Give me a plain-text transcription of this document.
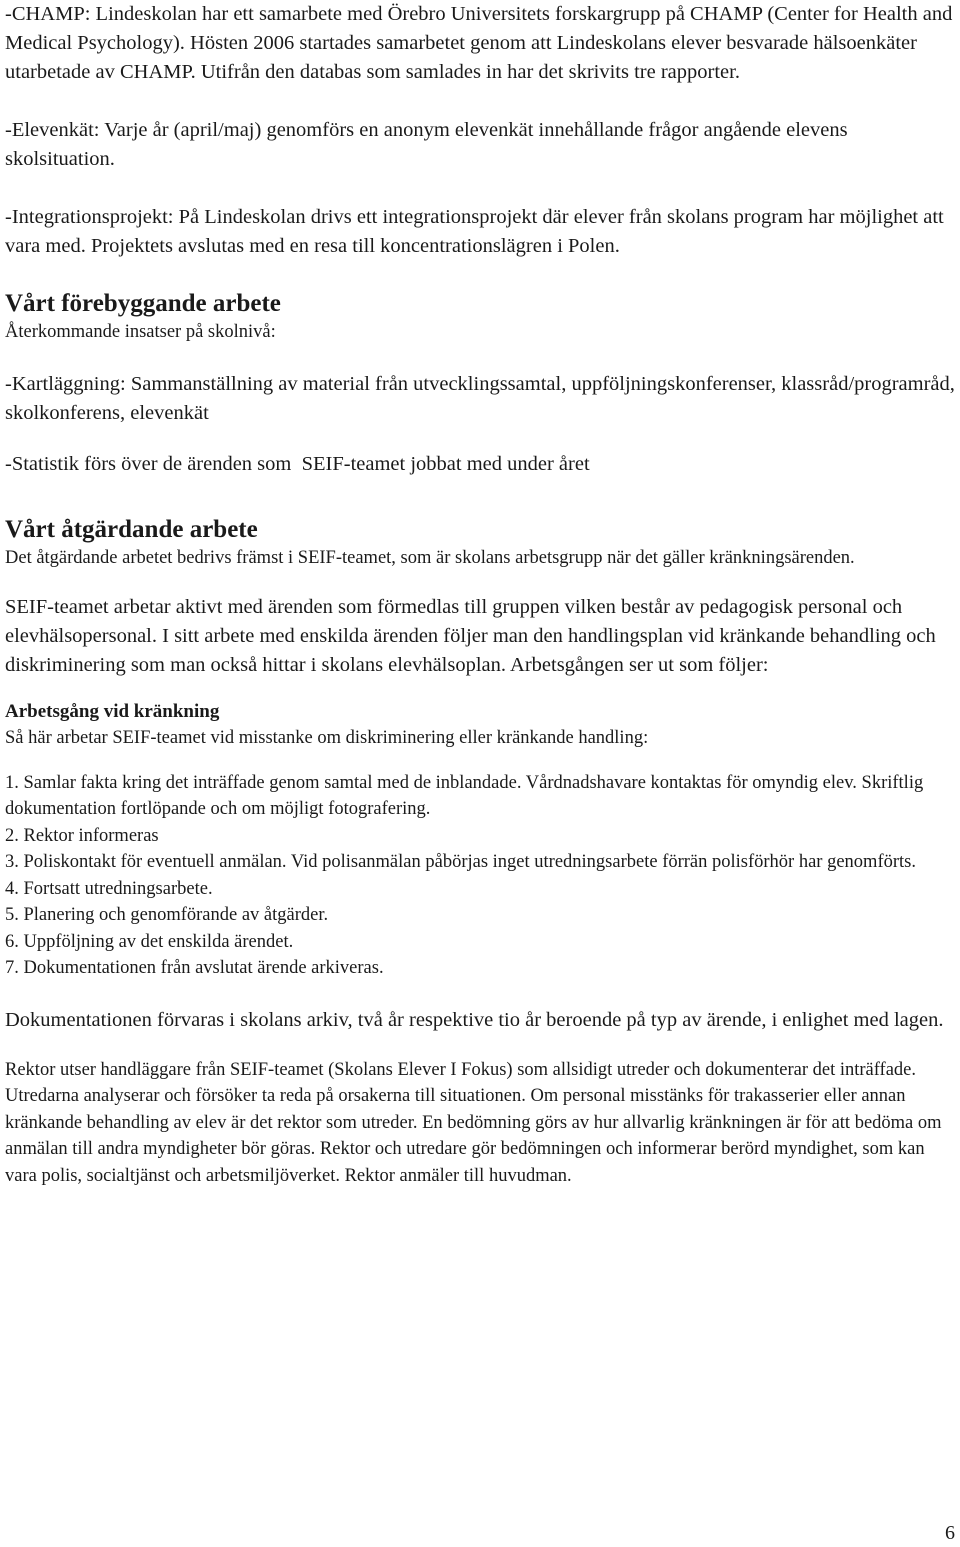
-CHAMP: Lindeskolan har ett samarbete med Örebro Universitets forskargrupp på CHAMP (Center for Health and Medical Psychology). Hösten 2006 startades samarbetet genom att Lindeskolans elever besvarade hälsoenkäter utarbetade av CHAMP. Utifrån den databas som samlades in har det skrivits tre rapporter.

-Elevenkät: Varje år (april/maj) genomförs en anonym elevenkät innehållande frågor angående elevens skolsituation.

-Integrationsprojekt: På Lindeskolan drivs ett integrationsprojekt där elever från skolans program har möjlighet att vara med. Projektets avslutas med en resa till koncentrationslägren i Polen.

Vårt förebyggande arbete

Återkommande insatser på skolnivå:

-Kartläggning: Sammanställning av material från utvecklingssamtal, uppföljningskonferenser, klassråd/programråd, skolkonferens, elevenkät

-Statistik förs över de ärenden som  SEIF-teamet jobbat med under året

Vårt åtgärdande arbete

Det åtgärdande arbetet bedrivs främst i SEIF-teamet, som är skolans arbetsgrupp när det gäller kränkningsärenden.

SEIF-teamet arbetar aktivt med ärenden som förmedlas till gruppen vilken består av pedagogisk personal och elevhälsopersonal. I sitt arbete med enskilda ärenden följer man den handlingsplan vid kränkande behandling och diskriminering som man också hittar i skolans elevhälsoplan. Arbetsgången ser ut som följer:

Arbetsgång vid kränkning

Så här arbetar SEIF-teamet vid misstanke om diskriminering eller kränkande handling:

1. Samlar fakta kring det inträffade genom samtal med de inblandade. Vårdnadshavare kontaktas för omyndig elev. Skriftlig dokumentation fortlöpande och om möjligt fotografering.
2. Rektor informeras
3. Poliskontakt för eventuell anmälan. Vid polisanmälan påbörjas inget utredningsarbete förrän polisförhör har genomförts.
4. Fortsatt utredningsarbete.
5. Planering och genomförande av åtgärder.
6. Uppföljning av det enskilda ärendet.
7. Dokumentationen från avslutat ärende arkiveras.

Dokumentationen förvaras i skolans arkiv, två år respektive tio år beroende på typ av ärende, i enlighet med lagen.

Rektor utser handläggare från SEIF-teamet (Skolans Elever I Fokus) som allsidigt utreder och dokumenterar det inträffade. Utredarna analyserar och försöker ta reda på orsakerna till situationen. Om personal misstänks för trakasserier eller annan kränkande behandling av elev är det rektor som utreder. En bedömning görs av hur allvarlig kränkningen är för att bedöma om anmälan till andra myndigheter bör göras. Rektor och utredare gör bedömningen och informerar berörd myndighet, som kan vara polis, socialtjänst och arbetsmiljöverket. Rektor anmäler till huvudman.

6
